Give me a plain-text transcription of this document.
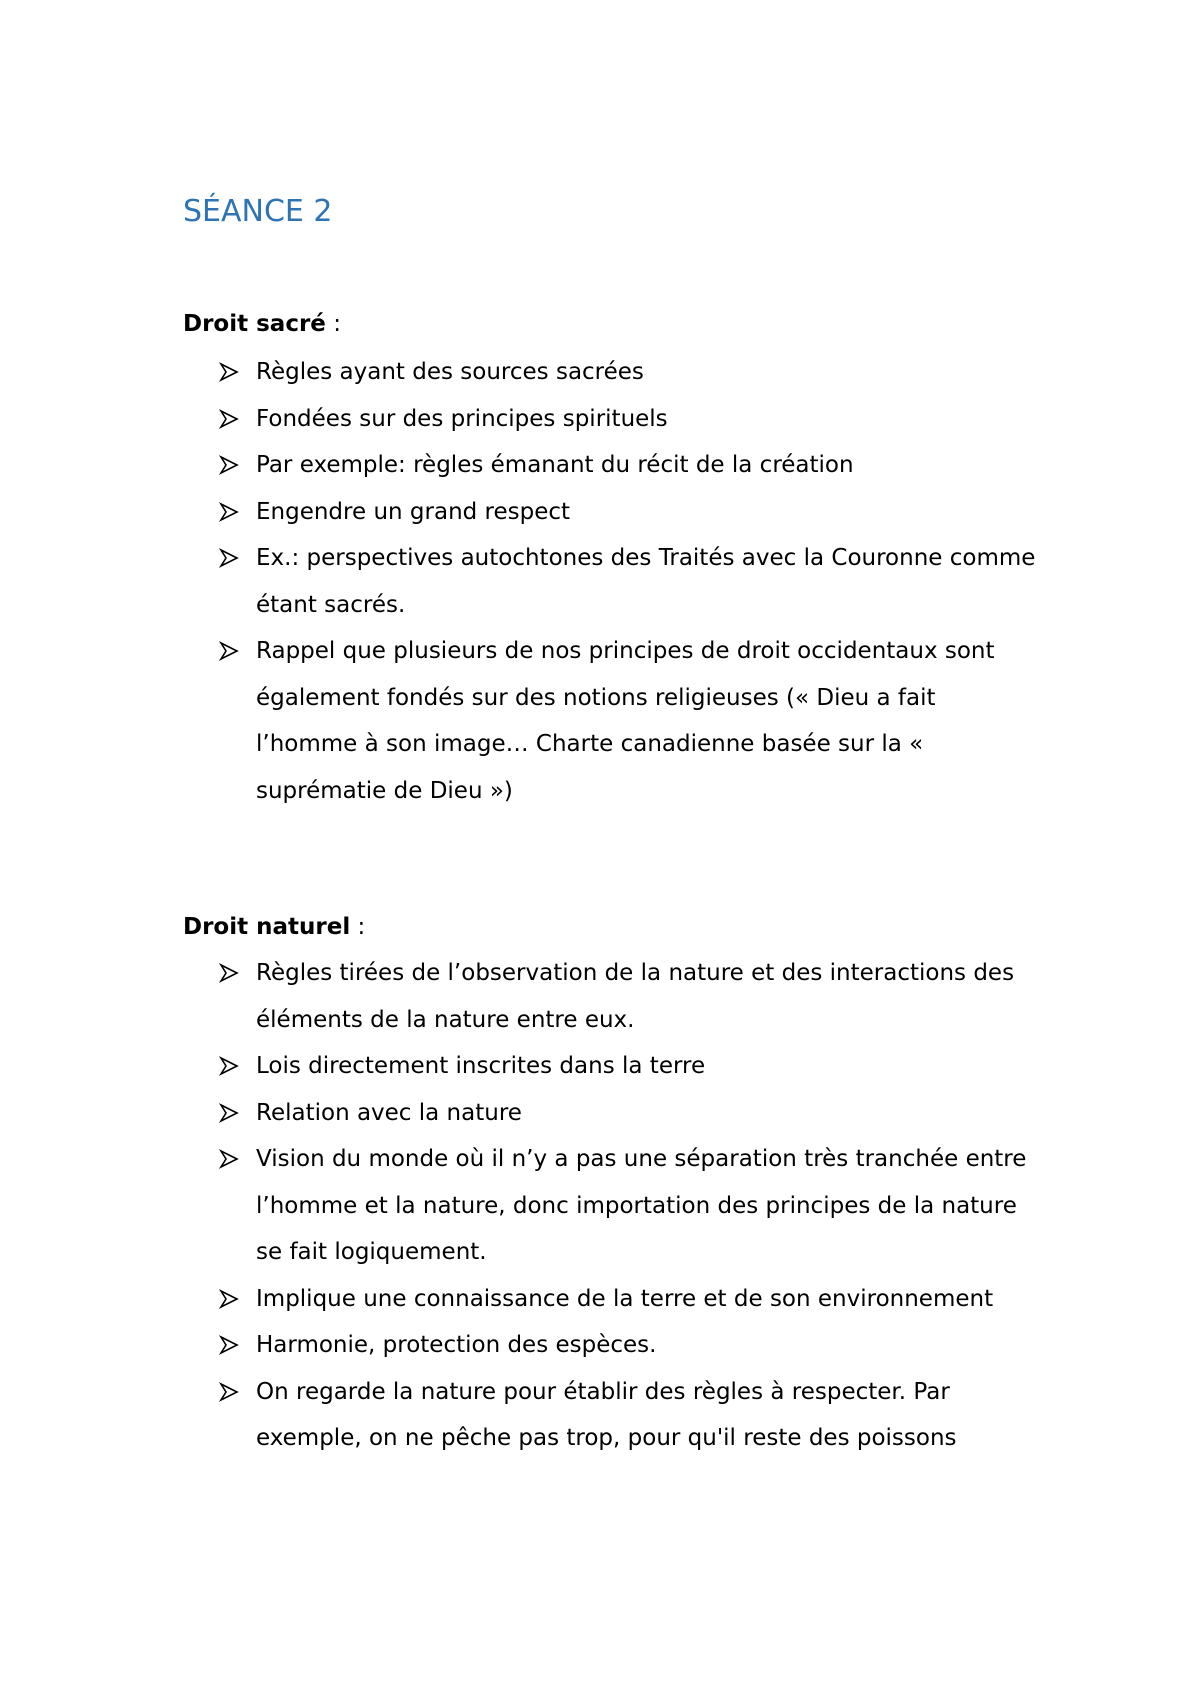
SÉANCE 2

Droit sacré :

Règles ayant des sources sacrées
Fondées sur des principes spirituels
Par exemple: règles émanant du récit de la création
Engendre un grand respect
Ex.: perspectives autochtones des Traités avec la Couronne comme étant sacrés.
Rappel que plusieurs de nos principes de droit occidentaux sont également fondés sur des notions religieuses (« Dieu a fait l’homme à son image… Charte canadienne basée sur la « suprématie de Dieu »)

Droit naturel :

Règles tirées de l’observation de la nature et des interactions des éléments de la nature entre eux.
Lois directement inscrites dans la terre
Relation avec la nature
Vision du monde où il n’y a pas une séparation très tranchée entre l’homme et la nature, donc importation des principes de la nature se fait logiquement.
Implique une connaissance de la terre et de son environnement
Harmonie, protection des espèces.
On regarde la nature pour établir des règles à respecter. Par exemple, on ne pêche pas trop, pour qu'il reste des poissons
